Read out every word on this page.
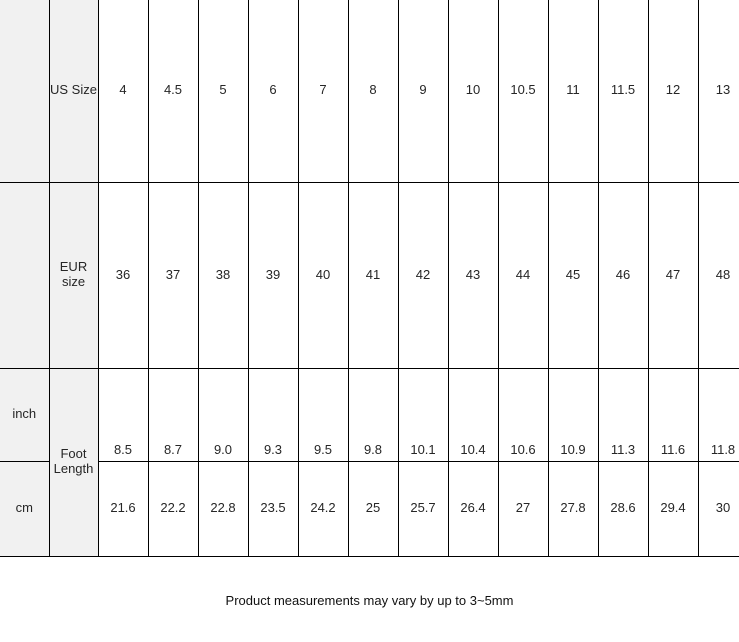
	US Size	4	4.5	5	6	7	8	9	10	10.5	11	11.5	12	13
	EUR size	36	37	38	39	40	41	42	43	44	45	46	47	48
inch	Foot Length	8.5	8.7	9.0	9.3	9.5	9.8	10.1	10.4	10.6	10.9	11.3	11.6	11.8
cm		21.6	22.2	22.8	23.5	24.2	25	25.7	26.4	27	27.8	28.6	29.4	30
Product measurements may vary by up to 3~5mm
